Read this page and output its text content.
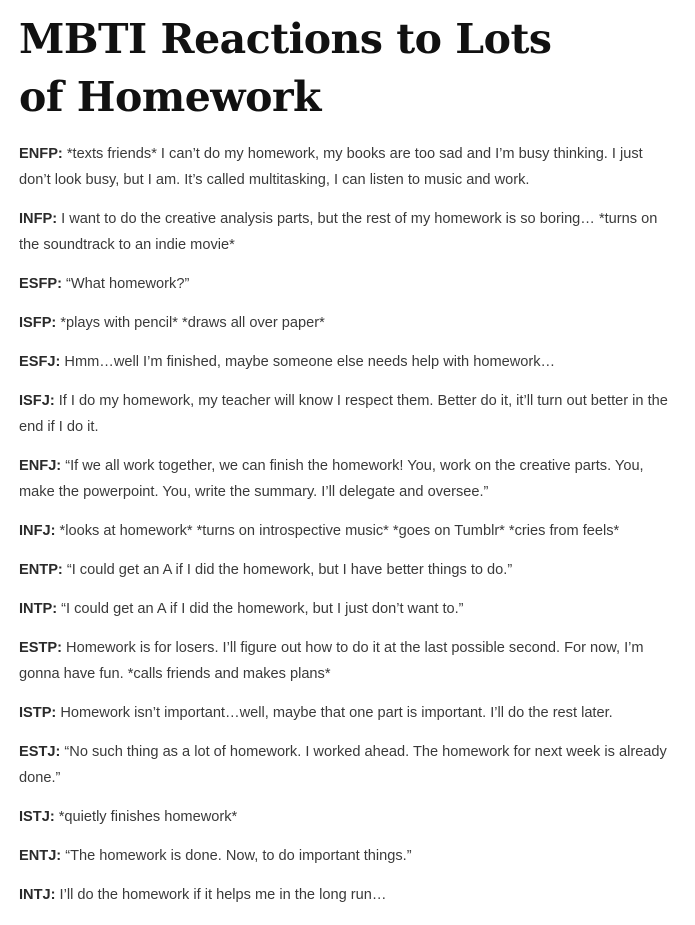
MBTI Reactions to Lots of Homework

ENFP: *texts friends* I can’t do my homework, my books are too sad and I’m busy thinking. I just don’t look busy, but I am. It’s called multitasking, I can listen to music and work.

INFP: I want to do the creative analysis parts, but the rest of my homework is so boring… *turns on the soundtrack to an indie movie*

ESFP: “What homework?”

ISFP: *plays with pencil* *draws all over paper*

ESFJ: Hmm…well I’m finished, maybe someone else needs help with homework…

ISFJ: If I do my homework, my teacher will know I respect them. Better do it, it’ll turn out better in the end if I do it.

ENFJ: “If we all work together, we can finish the homework! You, work on the creative parts. You, make the powerpoint. You, write the summary. I’ll delegate and oversee.”

INFJ: *looks at homework* *turns on introspective music* *goes on Tumblr* *cries from feels*

ENTP: “I could get an A if I did the homework, but I have better things to do.”

INTP: “I could get an A if I did the homework, but I just don’t want to.”

ESTP: Homework is for losers. I’ll figure out how to do it at the last possible second. For now, I’m gonna have fun. *calls friends and makes plans*

ISTP: Homework isn’t important…well, maybe that one part is important. I’ll do the rest later.

ESTJ: “No such thing as a lot of homework. I worked ahead. The homework for next week is already done.”

ISTJ: *quietly finishes homework*

ENTJ: “The homework is done. Now, to do important things.”

INTJ: I’ll do the homework if it helps me in the long run…
